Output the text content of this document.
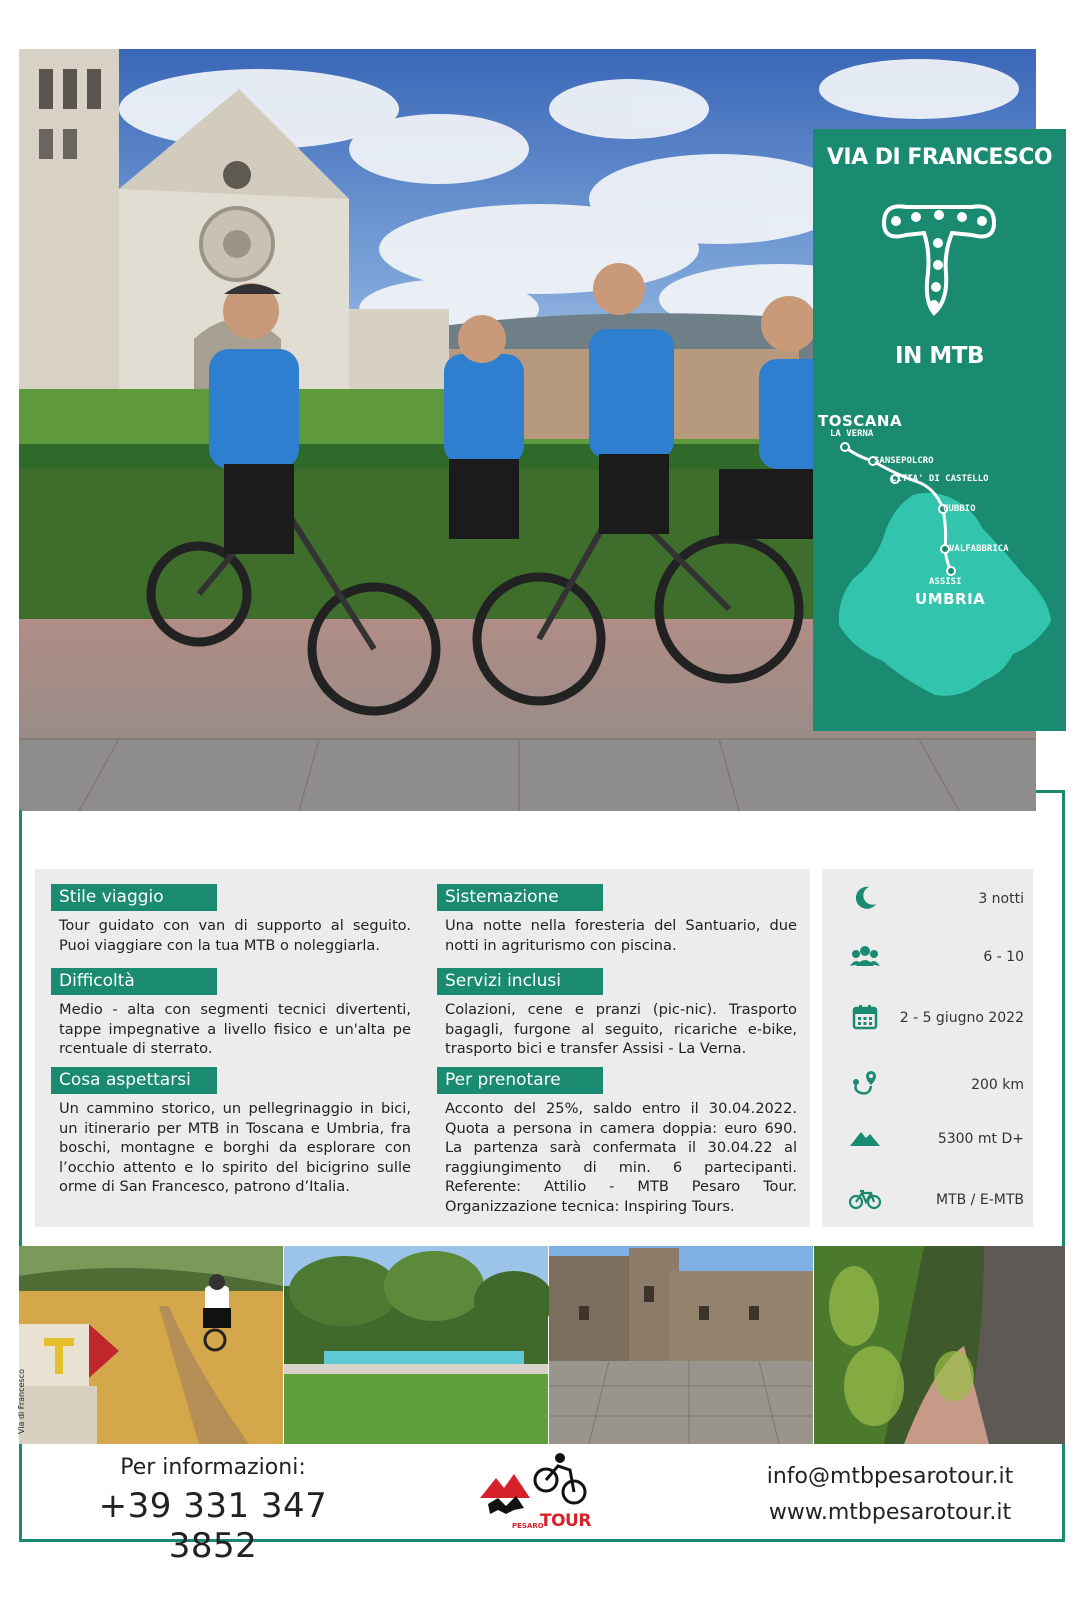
VIA DI FRANCESCO
IN MTB
TOSCANA
LA VERNA
SANSEPOLCRO
CITTA' DI CASTELLO
GUBBIO
VALFABBRICA
ASSISI
UMBRIA
Stile viaggio
Tour guidato con van di supporto al seguito. Puoi viaggiare con la tua MTB o noleggiarla.
Difficoltà
Medio - alta con segmenti tecnici divertenti, tappe impegnative a livello fisico e un'alta pe rcentuale di sterrato.
Cosa aspettarsi
Un cammino storico, un pellegrinaggio in bici, un itinerario per MTB in Toscana e Umbria, fra boschi, montagne e borghi da esplorare con l’occhio attento e lo spirito del bicigrino sulle orme di San Francesco, patrono d’Italia.
Sistemazione
Una notte nella foresteria del Santuario, due notti in agriturismo con piscina.
Servizi inclusi
Colazioni, cene e pranzi (pic-nic). Trasporto bagagli, furgone al seguito, ricariche e-bike, trasporto bici e transfer Assisi - La Verna.
Per prenotare
Acconto del 25%, saldo entro il 30.04.2022. Quota a persona in camera doppia: euro 690. La partenza sarà confermata il 30.04.22 al raggiungimento di min. 6 partecipanti. Referente: Attilio - MTB Pesaro Tour. Organizzazione tecnica: Inspiring Tours.
3 notti
6 - 10
2 - 5 giugno 2022
200 km
5300 mt D+
MTB / E-MTB
Via di Francesco
Per informazioni:
+39 331 347 3852
TOUR
PESARO
info@mtbpesarotour.it
www.mtbpesarotour.it
